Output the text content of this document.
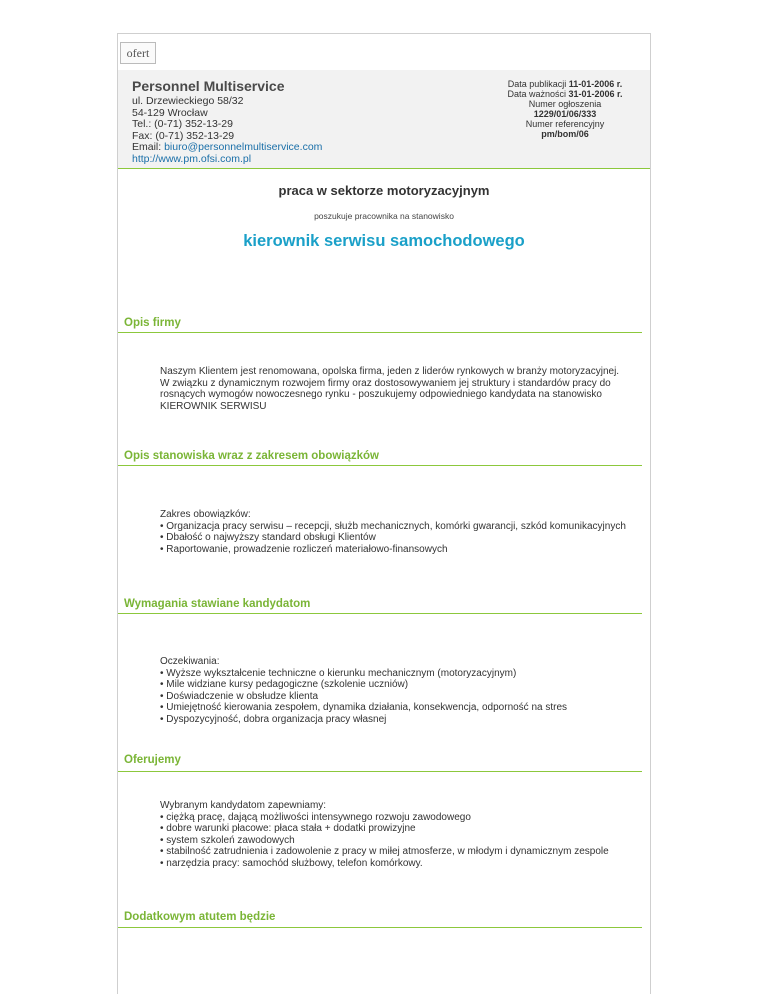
ofert
Personnel Multiservice
ul. Drzewieckiego 58/32
54-129 Wrocław
Tel.: (0-71) 352-13-29
Fax: (0-71) 352-13-29
Email: biuro@personnelmultiservice.com
http://www.pm.ofsi.com.pl
Data publikacji 11-01-2006 r.
Data ważności 31-01-2006 r.
Numer ogłoszenia
1229/01/06/333
Numer referencyjny
pm/bom/06
praca w sektorze motoryzacyjnym
poszukuje pracownika na stanowisko
kierownik serwisu samochodowego
Opis firmy
Naszym Klientem jest renomowana, opolska firma, jeden z liderów rynkowych w branży motoryzacyjnej.
W związku z dynamicznym rozwojem firmy oraz dostosowywaniem jej struktury i standardów pracy do
rosnących wymogów nowoczesnego rynku - poszukujemy odpowiedniego kandydata na stanowisko
KIEROWNIK SERWISU
Opis stanowiska wraz z zakresem obowiązków
Zakres obowiązków:
• Organizacja pracy serwisu – recepcji, służb mechanicznych, komórki gwarancji, szkód komunikacyjnych
• Dbałość o najwyższy standard obsługi Klientów
• Raportowanie, prowadzenie rozliczeń materiałowo-finansowych
Wymagania stawiane kandydatom
Oczekiwania:
• Wyższe wykształcenie techniczne o kierunku mechanicznym (motoryzacyjnym)
• Mile widziane kursy pedagogiczne (szkolenie uczniów)
• Doświadczenie w obsłudze klienta
• Umiejętność kierowania zespołem, dynamika działania, konsekwencja, odporność na stres
• Dyspozycyjność, dobra organizacja pracy własnej
Oferujemy
Wybranym kandydatom zapewniamy:
• ciężką pracę, dającą możliwości intensywnego rozwoju zawodowego
• dobre warunki płacowe: płaca stała + dodatki prowizyjne
• system szkoleń zawodowych
• stabilność zatrudnienia i zadowolenie z pracy w miłej atmosferze, w młodym i dynamicznym zespole
• narzędzia pracy: samochód służbowy, telefon komórkowy.
Dodatkowym atutem będzie
